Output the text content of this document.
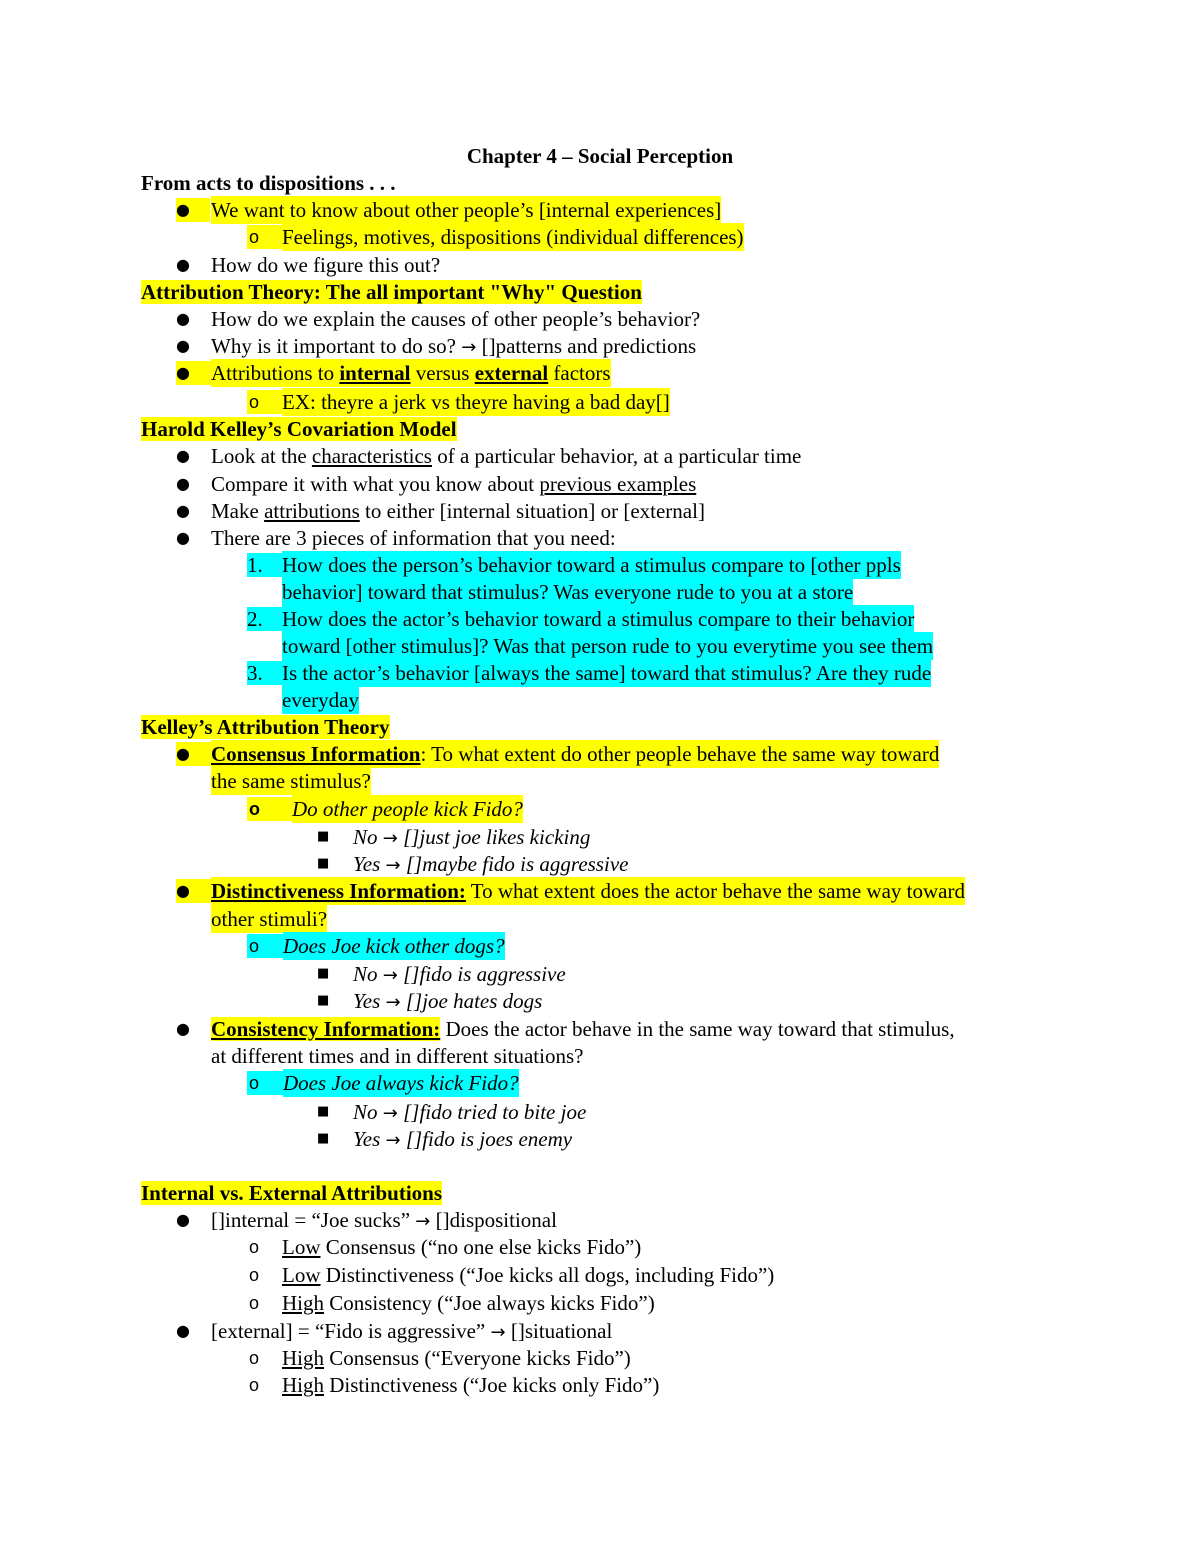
Chapter 4 – Social Perception
From acts to dispositions . . .
● We want to know about other people’s [internal experiences]
o Feelings, motives, dispositions (individual differences)
● How do we figure this out?
Attribution Theory: The all important "Why" Question
● How do we explain the causes of other people’s behavior?
● Why is it important to do so? → []patterns and predictions
● Attributions to internal versus external factors
o EX: theyre a jerk vs theyre having a bad day[]
Harold Kelley’s Covariation Model
● Look at the characteristics of a particular behavior, at a particular time
● Compare it with what you know about previous examples
● Make attributions to either [internal situation] or [external]
● There are 3 pieces of information that you need:
1. How does the person’s behavior toward a stimulus compare to [other ppls
behavior] toward that stimulus? Was everyone rude to you at a store
2. How does the actor’s behavior toward a stimulus compare to their behavior
toward [other stimulus]? Was that person rude to you everytime you see them
3. Is the actor’s behavior [always the same] toward that stimulus? Are they rude
everyday
Kelley’s Attribution Theory
● Consensus Information: To what extent do other people behave the same way toward
the same stimulus?
o Do other people kick Fido?
■ No → []just joe likes kicking
■ Yes → []maybe fido is aggressive
● Distinctiveness Information: To what extent does the actor behave the same way toward
other stimuli?
o Does Joe kick other dogs?
■ No → []fido is aggressive
■ Yes → []joe hates dogs
● Consistency Information: Does the actor behave in the same way toward that stimulus,
at different times and in different situations?
o Does Joe always kick Fido?
■ No → []fido tried to bite joe
■ Yes → []fido is joes enemy
Internal vs. External Attributions
● []internal = “Joe sucks” → []dispositional
o Low Consensus (“no one else kicks Fido”)
o Low Distinctiveness (“Joe kicks all dogs, including Fido”)
o High Consistency (“Joe always kicks Fido”)
● [external] = “Fido is aggressive” → []situational
o High Consensus (“Everyone kicks Fido”)
o High Distinctiveness (“Joe kicks only Fido”)
